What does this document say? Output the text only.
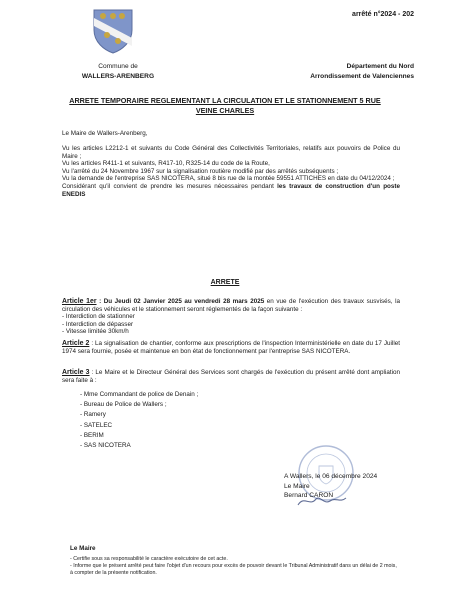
arrêté n°2024 - 202
Commune de
WALLERS-ARENBERG
Département du Nord
Arrondissement de Valenciennes
ARRETE TEMPORAIRE REGLEMENTANT LA CIRCULATION ET LE STATIONNEMENT 5 RUE VEINE CHARLES
Le Maire de Wallers-Arenberg,

Vu les articles L2212-1 et suivants du Code Général des Collectivités Territoriales, relatifs aux pouvoirs de Police du Maire ;

Vu les articles R411-1 et suivants, R417-10, R325-14 du code de la Route,

Vu l'arrêté du 24 Novembre 1967 sur la signalisation routière modifié par des arrêtés subséquents ;

Vu la demande de l'entreprise SAS NICOTERA, situé 8 bis rue de la montée 59551 ATTICHES en date du 04/12/2024 ;

Considérant qu'il convient de prendre les mesures nécessaires pendant les travaux de construction d'un poste ENEDIS

ARRETE

Article 1er : Du Jeudi 02 Janvier 2025 au vendredi 28 mars 2025 en vue de l'exécution des travaux susvisés, la circulation des véhicules et le stationnement seront réglementés de la façon suivante :

- Interdiction de stationner
- Interdiction de dépasser
- Vitesse limitée 30km/h

Article 2 : La signalisation de chantier, conforme aux prescriptions de l'inspection Interministérielle en date du 17 Juillet 1974 sera fournie, posée et maintenue en bon état de fonctionnement par l'entreprise SAS NICOTERA.

Article 3 : Le Maire et le Directeur Général des Services sont chargés de l'exécution du présent arrêté dont ampliation sera faite à :

- Mme Commandant de police de Denain ;
- Bureau de Police de Wallers ;
- Ramery
- SATELEC
- BERIM
- SAS NICOTERA
A Wallers, le 06 décembre 2024
Le Maire
Bernard CARON
Le Maire

- Certifie sous sa responsabilité le caractère exécutoire de cet acte.

- Informe que le présent arrêté peut faire l'objet d'un recours pour excès de pouvoir devant le Tribunal Administratif dans un délai de 2 mois, à compter de la présente notification.
